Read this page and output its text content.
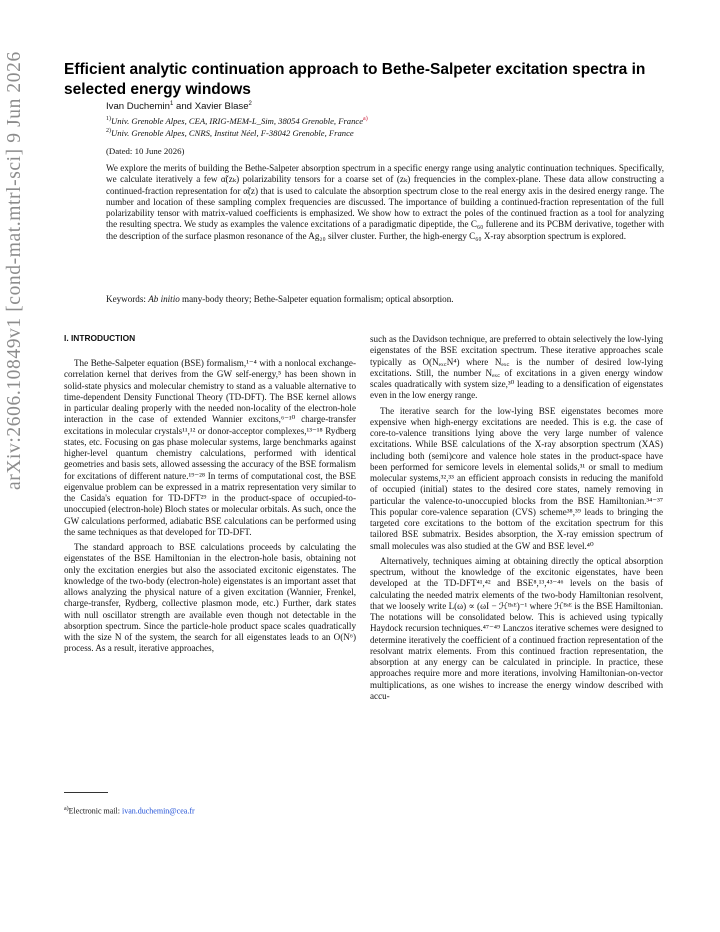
arXiv:2606.10849v1 [cond-mat.mtrl-sci] 9 Jun 2026	Efficient analytic continuation approach to Bethe-Salpeter excitation spectra in selected energy windows
Ivan Duchemin$^1$ and Xavier Blase$^2$
$^{1)}$Univ. Grenoble Alpes, CEA, IRIG-MEM-L_Sim, 38054 Grenoble, France$^{a)}$
$^{2)}$Univ. Grenoble Alpes, CNRS, Institut Néel, F-38042 Grenoble, France
(Dated: 10 June 2026)

We explore the merits of building the Bethe-Salpeter absorption spectrum in a specific energy range using analytic continuation techniques. Specifically, we calculate iteratively a few α̃(zₖ) polarizability tensors for a coarse set of (zₖ) frequencies in the complex-plane. These data allow constructing a continued-fraction representation for α̃(z) that is used to calculate the absorption spectrum close to the real energy axis in the desired energy range. The number and location of these sampling complex frequencies are discussed. The importance of building a continued-fraction representation of the full polarizability tensor with matrix-valued coefficients is emphasized. We show how to extract the poles of the continued fraction as a tool for analyzing the resulting spectra. We study as examples the valence excitations of a paradigmatic dipeptide, the C₆₀ fullerene and its PCBM derivative, together with the description of the surface plasmon resonance of the Ag₂₀ silver cluster. Further, the high-energy C₆₀ X-ray absorption spectrum is explored.

Keywords: Ab initio many-body theory; Bethe-Salpeter equation formalism; optical absorption.
I. INTRODUCTION

The Bethe-Salpeter equation (BSE) formalism,¹⁻⁴ with a nonlocal exchange-correlation kernel that derives from the GW self-energy,⁵ has been shown in solid-state physics and molecular chemistry to stand as a valuable alternative to time-dependent Density Functional Theory (TD-DFT). The BSE kernel allows in particular dealing properly with the needed non-locality of the electron-hole interaction in the case of extended Wannier excitons,⁶⁻¹⁰ charge-transfer excitations in molecular crystals¹¹,¹² or donor-acceptor complexes,¹³⁻¹⁸ Rydberg states, etc. Focusing on gas phase molecular systems, large benchmarks against higher-level quantum chemistry calculations, performed with identical geometries and basis sets, allowed assessing the accuracy of the BSE formalism for excitations of different nature.¹⁹⁻²⁸ In terms of computational cost, the BSE eigenvalue problem can be expressed in a matrix representation very similar to the Casida's equation for TD-DFT²⁹ in the product-space of occupied-to-unoccupied (electron-hole) Bloch states or molecular orbitals. As such, once the GW calculations performed, adiabatic BSE calculations can be performed using the same techniques as that developed for TD-DFT.

The standard approach to BSE calculations proceeds by calculating the eigenstates of the BSE Hamiltonian in the electron-hole basis, obtaining not only the excitation energies but also the associated excitonic eigenstates. The knowledge of the two-body (electron-hole) eigenstates is an important asset that allows analyzing the physical nature of a given excitation (Wannier, Frenkel, charge-transfer, Rydberg, collective plasmon mode, etc.) Further, dark states with null oscillator strength are available even though not detectable in the absorption spectrum. Since the particle-hole product space scales quadratically with the size N of the system, the search for all eigenstates leads to an O(N⁶) process. As a result, iterative approaches,

such as the Davidson technique, are preferred to obtain selectively the low-lying eigenstates of the BSE excitation spectrum. These iterative approaches scale typically as O(Nₑₓ꜀N⁴) where Nₑₓ꜀ is the number of desired low-lying excitations. Still, the number Nₑₓ꜀ of excitations in a given energy window scales quadratically with system size,³⁰ leading to a densification of eigenstates even in the low energy range.

The iterative search for the low-lying BSE eigenstates becomes more expensive when high-energy excitations are needed. This is e.g. the case of core-to-valence transitions lying above the very large number of valence excitations. While BSE calculations of the X-ray absorption spectrum (XAS) including both (semi)core and valence hole states in the product-space have been performed for semicore levels in elemental solids,³¹ or small to medium molecular systems,³²,³³ an efficient approach consists in reducing the manifold of occupied (initial) states to the desired core states, namely removing in particular the valence-to-unoccupied blocks from the BSE Hamiltonian.³⁴⁻³⁷ This popular core-valence separation (CVS) scheme³⁸,³⁹ leads to bringing the targeted core excitations to the bottom of the excitation spectrum for this tailored BSE submatrix. Besides absorption, the X-ray emission spectrum of small molecules was also studied at the GW and BSE level.⁴⁰

Alternatively, techniques aiming at obtaining directly the optical absorption spectrum, without the knowledge of the excitonic eigenstates, have been developed at the TD-DFT⁴¹,⁴² and BSE⁸,¹³,⁴³⁻⁴⁶ levels on the basis of calculating the needed matrix elements of the two-body Hamiltonian resolvent, that we loosely write L(ω) ∝ (ωI − ℋᴮˢᴱ)⁻¹ where ℋᴮˢᴱ is the BSE Hamiltonian. The notations will be consolidated below. This is achieved using typically Haydock recursion techniques.⁴⁷⁻⁴⁹ Lanczos iterative schemes were designed to determine iteratively the coefficient of a continued fraction representation of the resolvant matrix elements. From this continued fraction representation, the absorption at any energy can be calculated in principle. In practice, these approaches require more and more iterations, involving Hamiltonian-on-vector multiplications, as one wishes to increase the energy window described with accu-

$^{a)}$Electronic mail: ivan.duchemin@cea.fr
